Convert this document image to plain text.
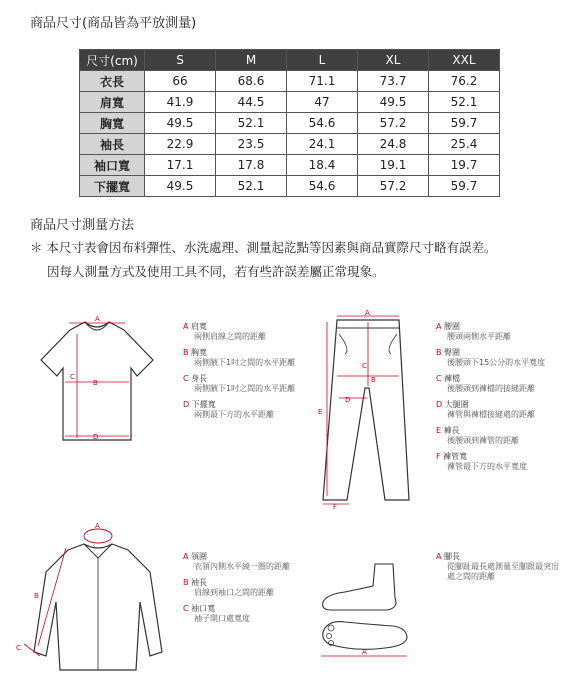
商品尺寸(商品皆為平放測量)
尺寸(cm)	S	M	L	XL	XXL
衣長	66	68.6	71.1	73.7	76.2
肩寬	41.9	44.5	47	49.5	52.1
胸寬	49.5	52.1	54.6	57.2	59.7
袖長	22.9	23.5	24.1	24.8	25.4
袖口寬	17.1	17.8	18.4	19.1	19.7
下擺寬	49.5	52.1	54.6	57.2	59.7
商品尺寸測量方法
＊ 本尺寸表會因布料彈性、水洗處理、測量起訖點等因素與商品實際尺寸略有誤差。
因每人測量方式及使用工具不同，若有些許誤差屬正常現象。
A
B
C
D
A 肩寬
兩側肩線之間的距離
B 胸寬
兩側腋下1吋之間的水平距離
C 身長
兩側腋下1吋之間的水平距離
D 下擺寬
兩側最下方的水平距離
A
B
C
D
E
F
A 腰圍
腰頭兩側水平距離
B 臀圍
後腰頭下15公分的水平寬度
C 褲檔
後腰頭到褲檔的接縫距離
D 大腿圍
褲管與褲檔接縫處的距離
E 褲長
後腰頭到褲管的距離
F 褲管寬
褲管最下方的水平寬度
A
B
C
A 領圍
衣領內側水平繞一圈的距離
B 袖長
肩線到袖口之間的距離
C 袖口寬
袖子開口處寬度
A
A 腳長
從腳趾最長處測量至腳跟最突出處之間的距離
